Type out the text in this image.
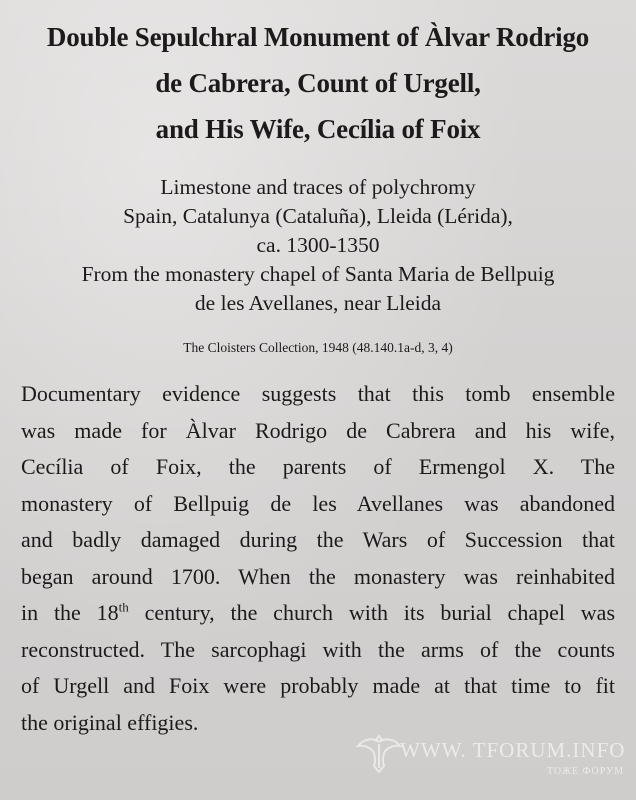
Double Sepulchral Monument of Àlvar Rodrigo
de Cabrera, Count of Urgell,
and His Wife, Cecília of Foix
Limestone and traces of polychromy
Spain, Catalunya (Cataluña), Lleida (Lérida),
ca. 1300-1350
From the monastery chapel of Santa Maria de Bellpuig
de les Avellanes, near Lleida
The Cloisters Collection, 1948 (48.140.1a-d, 3, 4)
Documentary evidence suggests that this tomb ensemble
was made for Àlvar Rodrigo de Cabrera and his wife,
Cecília of Foix, the parents of Ermengol X. The
monastery of Bellpuig de les Avellanes was abandoned
and badly damaged during the Wars of Succession that
began around 1700. When the monastery was reinhabited
in the 18th century, the church with its burial chapel was
reconstructed. The sarcophagi with the arms of the counts
of Urgell and Foix were probably made at that time to fit
the original effigies.
WWW. TFORUM.INFO
ТОЖЕ ФОРУМ
